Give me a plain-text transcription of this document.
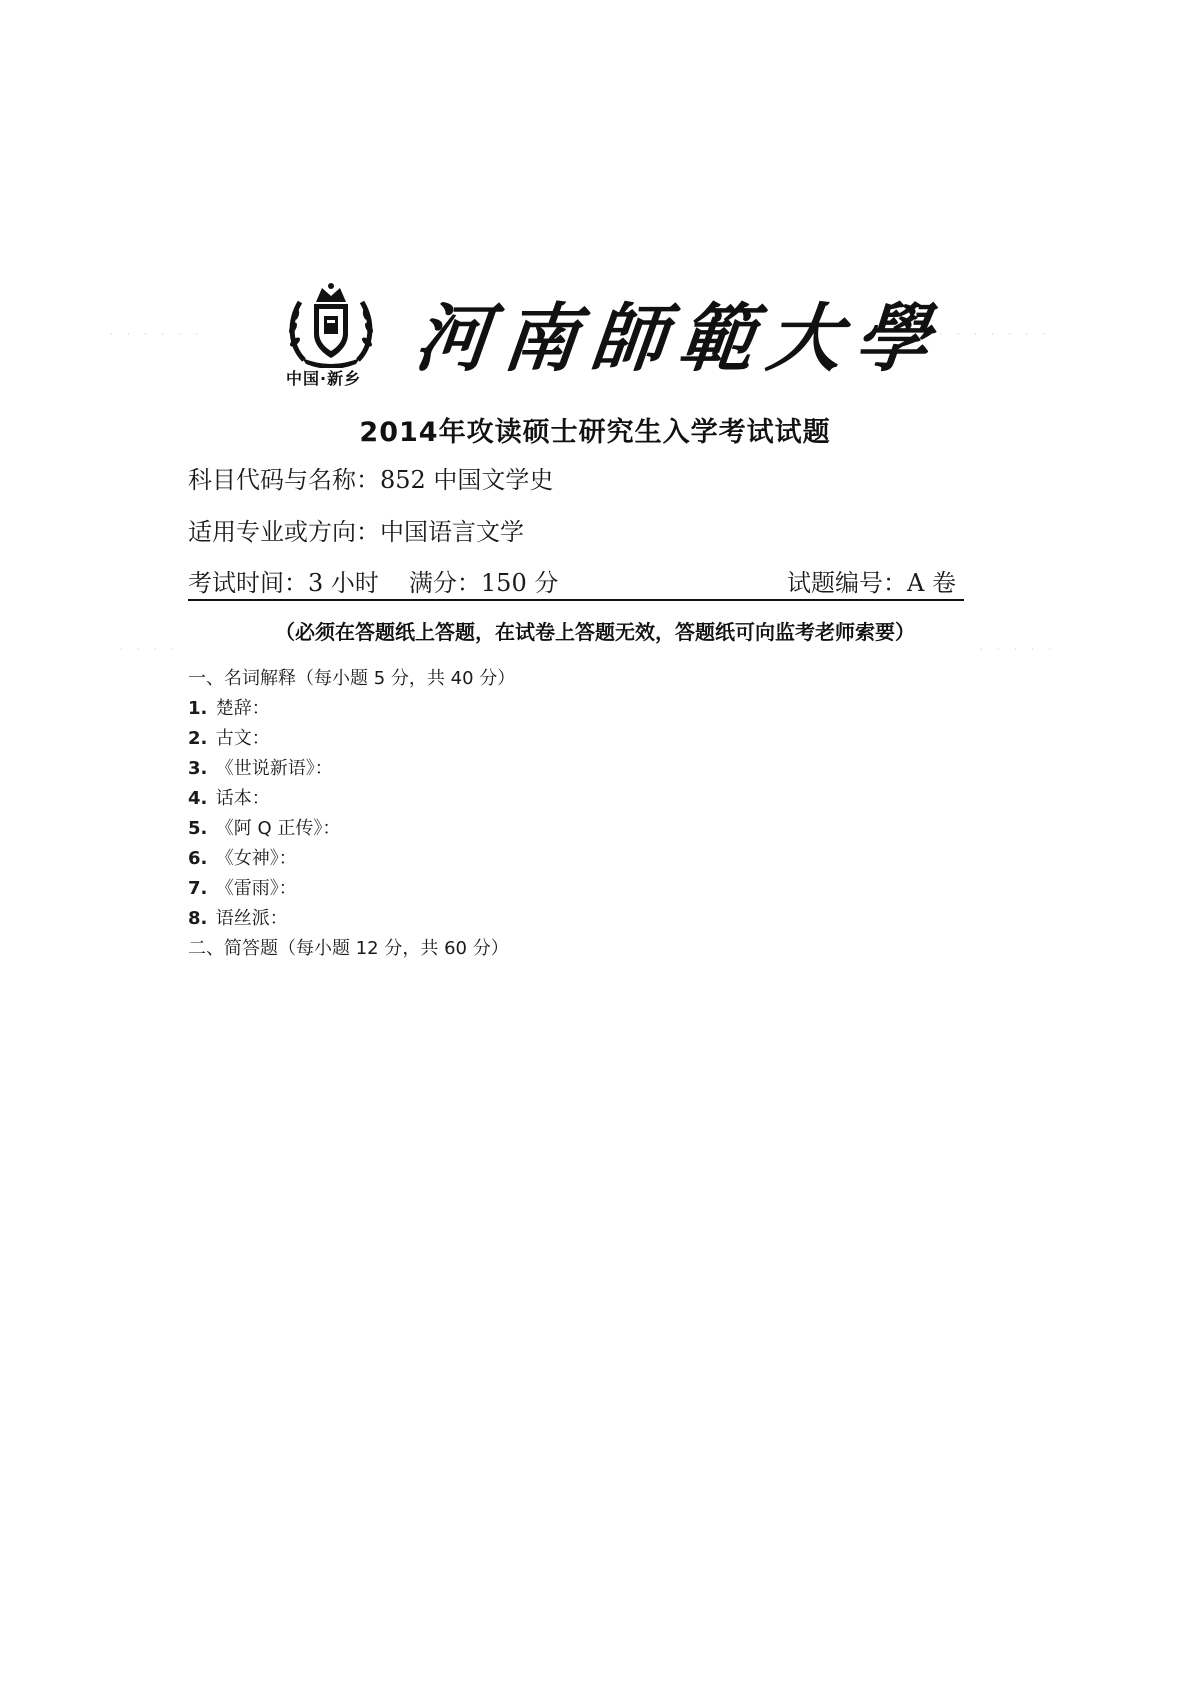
中国·新乡 河南師範大學
2014年攻读硕士研究生入学考试试题
科目代码与名称：852 中国文学史
适用专业或方向：中国语言文学
考试时间：3 小时 满分：150 分	试题编号：A 卷
（必须在答题纸上答题，在试卷上答题无效，答题纸可向监考老师索要）
一、名词解释（每小题 5 分，共 40 分）
1. 楚辞：
2. 古文：
3. 《世说新语》：
4. 话本：
5. 《阿 Q 正传》：
6. 《女神》：
7. 《雷雨》：
8. 语丝派：
二、简答题（每小题 12 分，共 60 分）
· · · · · ·	· · · · · · ·
· · · ·	· · · · ·
